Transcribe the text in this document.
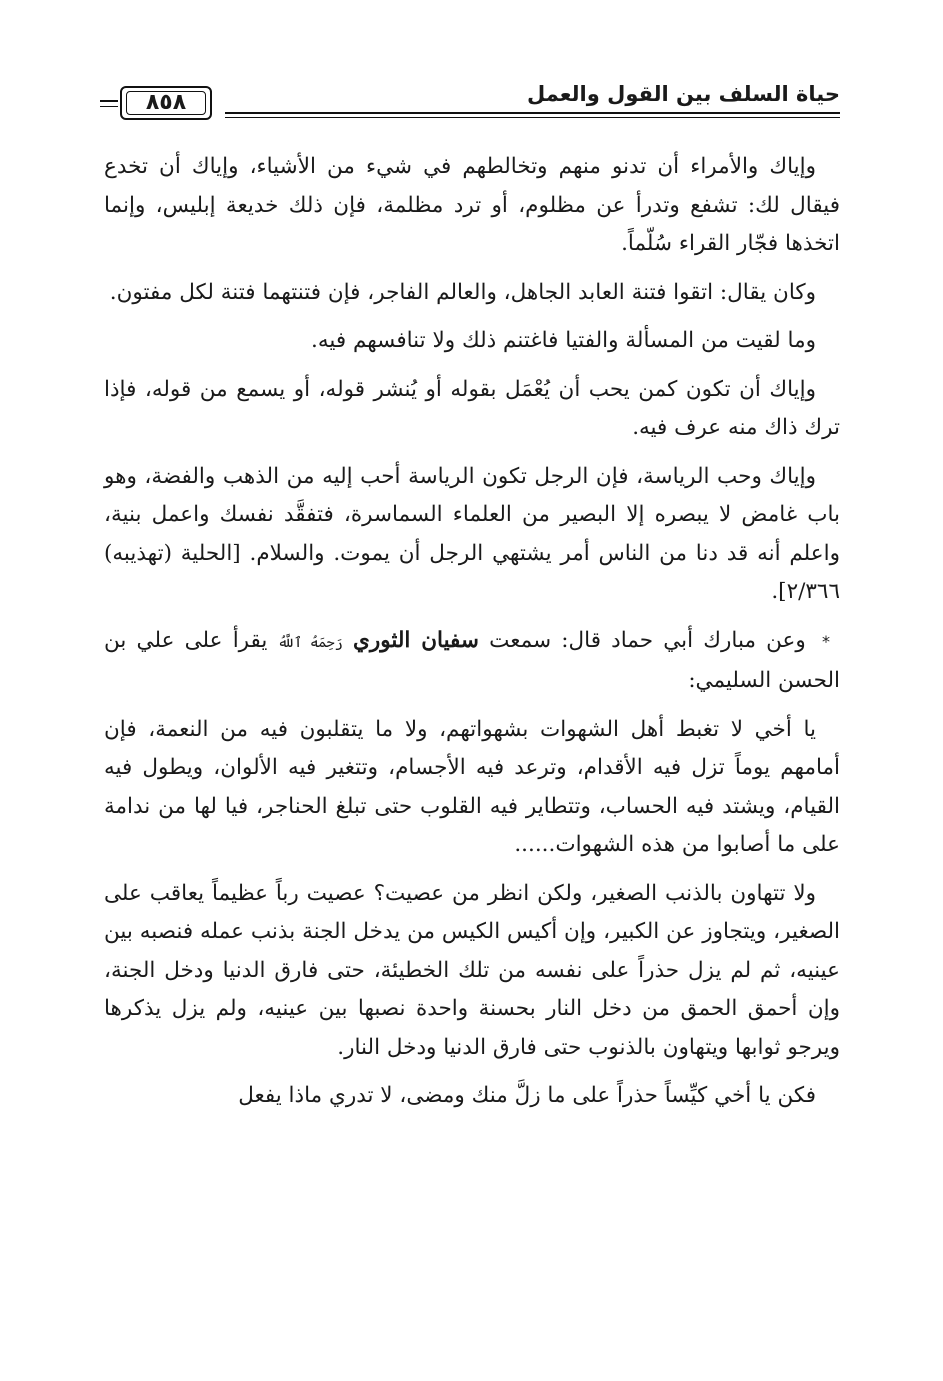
حياة السلف بين القول والعمل
٨٥٨

وإياك والأمراء أن تدنو منهم وتخالطهم في شيء من الأشياء، وإياك أن تخدع فيقال لك: تشفع وتدرأ عن مظلوم، أو ترد مظلمة، فإن ذلك خديعة إبليس، وإنما اتخذها فجّار القراء سُلّماً.

وكان يقال: اتقوا فتنة العابد الجاهل، والعالم الفاجر، فإن فتنتهما فتنة لكل مفتون.

وما لقيت من المسألة والفتيا فاغتنم ذلك ولا تنافسهم فيه.

وإياك أن تكون كمن يحب أن يُعْمَل بقوله أو يُنشر قوله، أو يسمع من قوله، فإذا ترك ذاك منه عرف فيه.

وإياك وحب الرياسة، فإن الرجل تكون الرياسة أحب إليه من الذهب والفضة، وهو باب غامض لا يبصره إلا البصير من العلماء السماسرة، فتفقَّد نفسك واعمل بنية، واعلم أنه قد دنا من الناس أمر يشتهي الرجل أن يموت. والسلام. [الحلية (تهذيبه) ٢/٣٦٦].

* وعن مبارك أبي حماد قال: سمعت سفيان الثوري رَحِمَهُ ٱللَّهُ يقرأ على علي بن الحسن السليمي:

يا أخي لا تغبط أهل الشهوات بشهواتهم، ولا ما يتقلبون فيه من النعمة، فإن أمامهم يوماً تزل فيه الأقدام، وترعد فيه الأجسام، وتتغير فيه الألوان، ويطول فيه القيام، ويشتد فيه الحساب، وتتطاير فيه القلوب حتى تبلغ الحناجر، فيا لها من ندامة على ما أصابوا من هذه الشهوات......

ولا تتهاون بالذنب الصغير، ولكن انظر من عصيت؟ عصيت رباً عظيماً يعاقب على الصغير، ويتجاوز عن الكبير، وإن أكيس الكيس من يدخل الجنة بذنب عمله فنصبه بين عينيه، ثم لم يزل حذراً على نفسه من تلك الخطيئة، حتى فارق الدنيا ودخل الجنة، وإن أحمق الحمق من دخل النار بحسنة واحدة نصبها بين عينيه، ولم يزل يذكرها ويرجو ثوابها ويتهاون بالذنوب حتى فارق الدنيا ودخل النار.

فكن يا أخي كيِّساً حذراً على ما زلَّ منك ومضى، لا تدري ماذا يفعل
